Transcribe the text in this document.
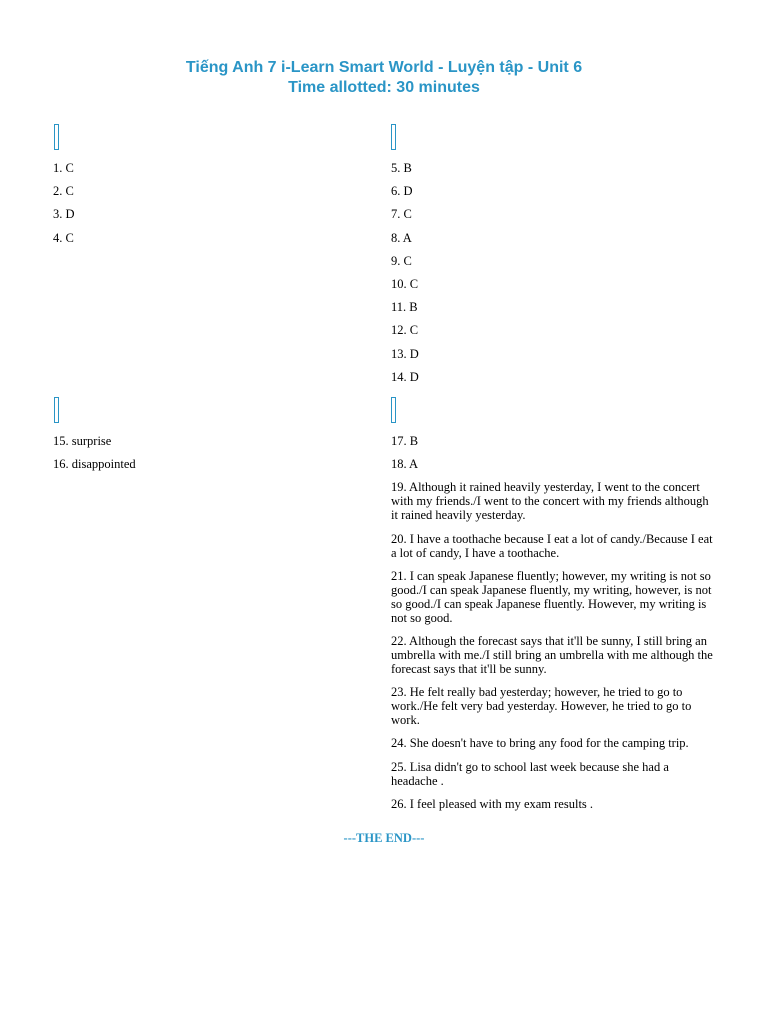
Tiếng Anh 7 i-Learn Smart World - Luyện tập - Unit 6
Time allotted: 30 minutes
1. C
2. C
3. D
4. C
5. B
6. D
7. C
8. A
9. C
10. C
11. B
12. C
13. D
14. D
15. surprise
16. disappointed
17. B
18. A
19. Although it rained heavily yesterday, I went to the concert with my friends./I went to the concert with my friends although it rained heavily yesterday.
20. I have a toothache because I eat a lot of candy./Because I eat a lot of candy, I have a toothache.
21. I can speak Japanese fluently; however, my writing is not so good./I can speak Japanese fluently, my writing, however, is not so good./I can speak Japanese fluently. However, my writing is not so good.
22. Although the forecast says that it'll be sunny, I still bring an umbrella with me./I still bring an umbrella with me although the forecast says that it'll be sunny.
23. He felt really bad yesterday; however, he tried to go to work./He felt very bad yesterday. However, he tried to go to work.
24. She doesn't have to bring any food for the camping trip.
25. Lisa didn't go to school last week because she had a headache .
26. I feel pleased with my exam results .
---THE END---
